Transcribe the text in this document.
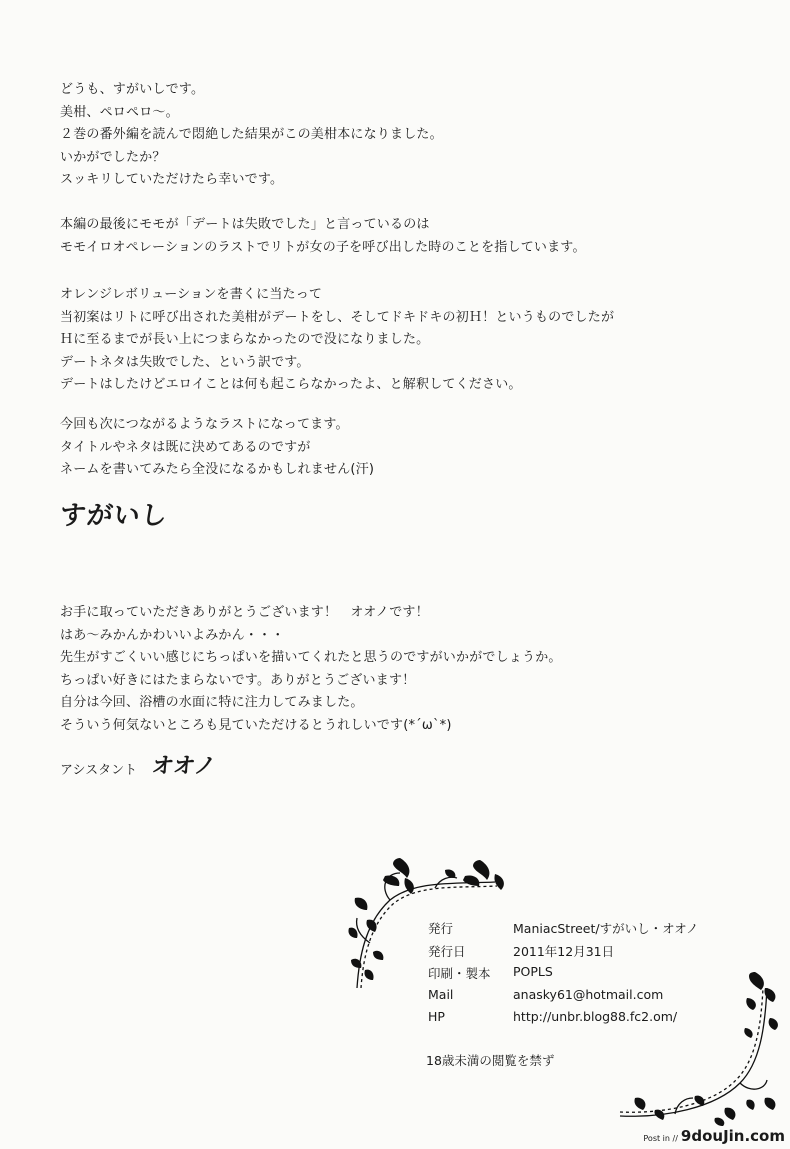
どうも、すがいしです。
美柑、ペロペロ～。
２巻の番外編を読んで悶絶した結果がこの美柑本になりました。
いかがでしたか？
スッキリしていただけたら幸いです。
本編の最後にモモが「デートは失敗でした」と言っているのは
モモイロオペレーションのラストでリトが女の子を呼び出した時のことを指しています。
オレンジレボリューションを書くに当たって
当初案はリトに呼び出された美柑がデートをし、そしてドキドキの初Ｈ！というものでしたが
Ｈに至るまでが長い上につまらなかったので没になりました。
デートネタは失敗でした、という訳です。
デートはしたけどエロイことは何も起こらなかったよ、と解釈してください。
今回も次につながるようなラストになってます。
タイトルやネタは既に決めてあるのですが
ネームを書いてみたら全没になるかもしれません(汗)
すがいし
お手に取っていただきありがとうございます！　オオノです！
はあ～みかんかわいいよみかん・・・
先生がすごくいい感じにちっぱいを描いてくれたと思うのですがいかがでしょうか。
ちっぱい好きにはたまらないです。ありがとうございます！
自分は今回、浴槽の水面に特に注力してみました。
そういう何気ないところも見ていただけるとうれしいです(*´ω`*)
アシスタント オオノ
発行	ManiacStreet/すがいし・オオノ
発行日	2011年12月31日
印刷・製本	POPLS
Mail	anasky61@hotmail.com
HP	http://unbr.blog88.fc2.om/
18歳未満の閲覧を禁ず
Post in // 9douJin.com
